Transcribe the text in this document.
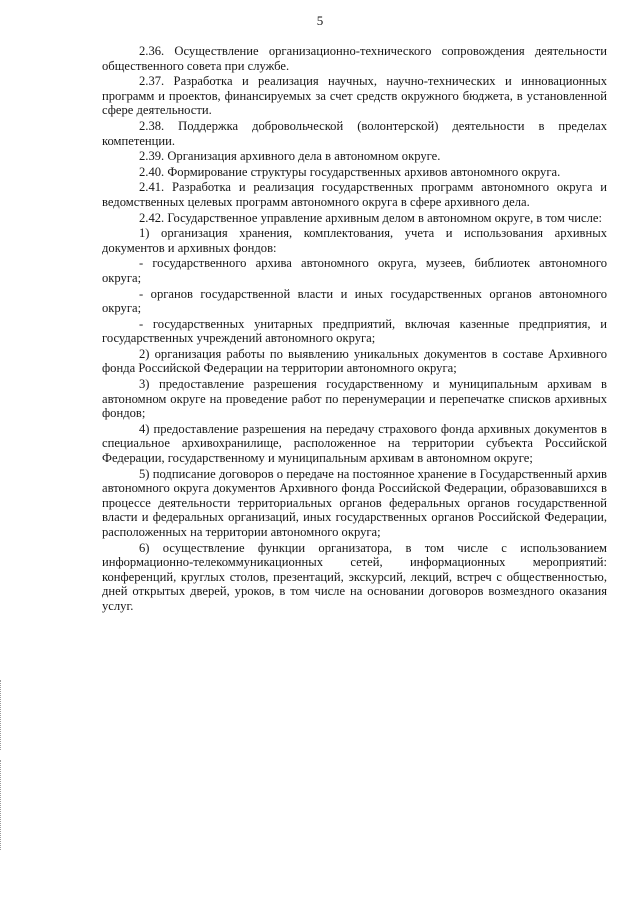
5

2.36. Осуществление организационно-технического сопровождения деятельности общественного совета при службе.

2.37. Разработка и реализация научных, научно-технических и инновационных программ и проектов, финансируемых за счет средств окружного бюджета, в установленной сфере деятельности.

2.38. Поддержка добровольческой (волонтерской) деятельности в пределах компетенции.

2.39. Организация архивного дела в автономном округе.

2.40. Формирование структуры государственных архивов автономного округа.

2.41. Разработка и реализация государственных программ автономного округа и ведомственных целевых программ автономного округа в сфере архивного дела.

2.42. Государственное управление архивным делом в автономном округе, в том числе:

1) организация хранения, комплектования, учета и использования архивных документов и архивных фондов:

- государственного архива автономного округа, музеев, библиотек автономного округа;

- органов государственной власти и иных государственных органов автономного округа;

- государственных унитарных предприятий, включая казенные предприятия, и государственных учреждений автономного округа;

2) организация работы по выявлению уникальных документов в составе Архивного фонда Российской Федерации на территории автономного округа;

3) предоставление разрешения государственному и муниципальным архивам в автономном округе на проведение работ по перенумерации и перепечатке списков архивных фондов;

4) предоставление разрешения на передачу страхового фонда архивных документов в специальное архивохранилище, расположенное на территории субъекта Российской Федерации, государственному и муниципальным архивам в автономном округе;

5) подписание договоров о передаче на постоянное хранение в Государственный архив автономного округа документов Архивного фонда Российской Федерации, образовавшихся в процессе деятельности территориальных органов федеральных органов государственной власти и федеральных организаций, иных государственных органов Российской Федерации, расположенных на территории автономного округа;

6) осуществление функции организатора, в том числе с использованием информационно-телекоммуникационных сетей, информационных мероприятий: конференций, круглых столов, презентаций, экскурсий, лекций, встреч с общественностью, дней открытых дверей, уроков, в том числе на основании договоров возмездного оказания услуг.
